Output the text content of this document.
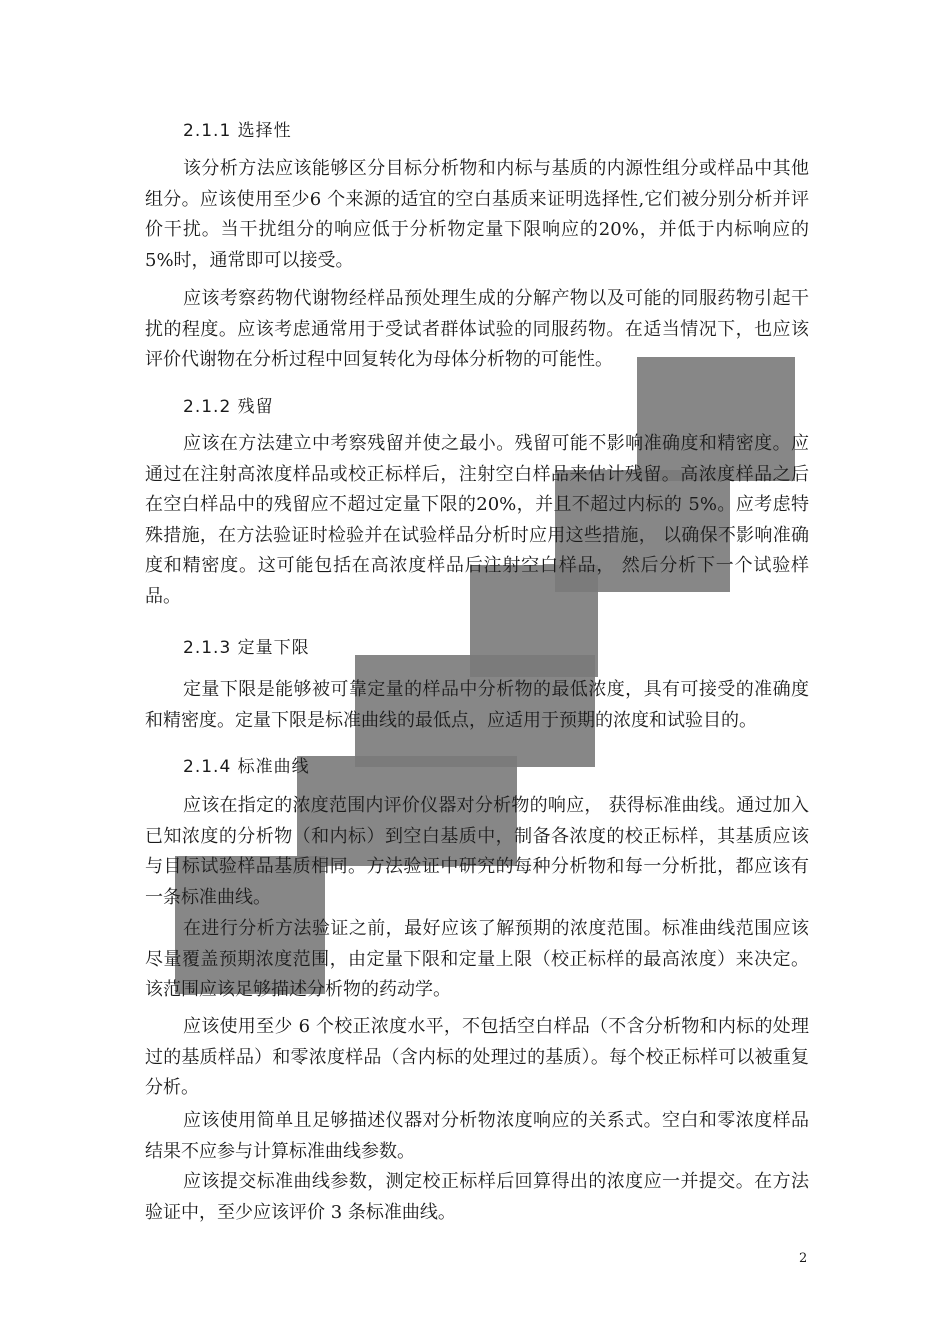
2.1.1 选择性

该分析方法应该能够区分目标分析物和内标与基质的内源性组分或样品中其他组分。应该使用至少6 个来源的适宜的空白基质来证明选择性,它们被分别分析并评价干扰。当干扰组分的响应低于分析物定量下限响应的20%，并低于内标响应的 5%时，通常即可以接受。

应该考察药物代谢物经样品预处理生成的分解产物以及可能的同服药物引起干扰的程度。应该考虑通常用于受试者群体试验的同服药物。在适当情况下，也应该评价代谢物在分析过程中回复转化为母体分析物的可能性。

2.1.2 残留

应该在方法建立中考察残留并使之最小。残留可能不影响准确度和精密度。应通过在注射高浓度样品或校正标样后，注射空白样品来估计残留。高浓度样品之后在空白样品中的残留应不超过定量下限的20%，并且不超过内标的 5%。应考虑特殊措施，在方法验证时检验并在试验样品分析时应用这些措施， 以确保不影响准确度和精密度。这可能包括在高浓度样品后注射空白样品， 然后分析下一个试验样品。

2.1.3 定量下限

定量下限是能够被可靠定量的样品中分析物的最低浓度，具有可接受的准确度和精密度。定量下限是标准曲线的最低点，应适用于预期的浓度和试验目的。

2.1.4 标准曲线

应该在指定的浓度范围内评价仪器对分析物的响应， 获得标准曲线。通过加入已知浓度的分析物（和内标）到空白基质中，制备各浓度的校正标样，其基质应该与目标试验样品基质相同。方法验证中研究的每种分析物和每一分析批，都应该有一条标准曲线。

在进行分析方法验证之前，最好应该了解预期的浓度范围。标准曲线范围应该尽量覆盖预期浓度范围，由定量下限和定量上限（校正标样的最高浓度）来决定。该范围应该足够描述分析物的药动学。

应该使用至少 6 个校正浓度水平，不包括空白样品（不含分析物和内标的处理过的基质样品）和零浓度样品（含内标的处理过的基质）。每个校正标样可以被重复分析。

应该使用简单且足够描述仪器对分析物浓度响应的关系式。空白和零浓度样品结果不应参与计算标准曲线参数。

应该提交标准曲线参数，测定校正标样后回算得出的浓度应一并提交。在方法验证中，至少应该评价 3 条标准曲线。

2
